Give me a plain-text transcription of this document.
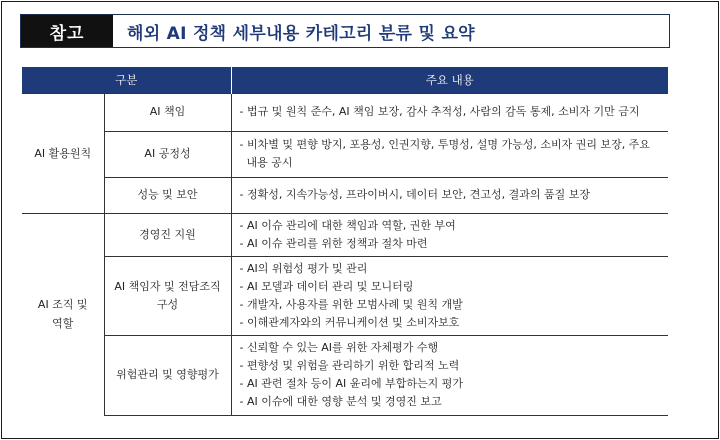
참고	해외 AI 정책 세부내용 카테고리 분류 및 요약
구분		주요 내용
AI 활용원칙	AI 책임	- 법규 및 원칙 준수, AI 책임 보장, 감사 추적성, 사람의 감독 통제, 소비자 기만 금지

	AI 공정성	- 비차별 및 편향 방지, 포용성, 인권지향, 투명성, 설명 가능성, 소비자 권리 보장, 주요
내용 공시

	성능 및 보안	- 정확성, 지속가능성, 프라이버시, 데이터 보안, 견고성, 결과의 품질 보장

AI 조직 및
역할	경영진 지원	- AI 이슈 관리에 대한 책임과 역할, 권한 부여
- AI 이슈 관리를 위한 정책과 절차 마련

	AI 책임자 및 전담조직
구성	- AI의 위험성 평가 및 관리
- AI 모델과 데이터 관리 및 모니터링
- 개발자, 사용자를 위한 모범사례 및 원칙 개발
- 이해관계자와의 커뮤니케이션 및 소비자보호

	위험관리 및 영향평가	- 신뢰할 수 있는 AI를 위한 자체평가 수행
- 편향성 및 위험을 관리하기 위한 합리적 노력
- AI 관련 절차 등이 AI 윤리에 부합하는지 평가
- AI 이슈에 대한 영향 분석 및 경영진 보고
